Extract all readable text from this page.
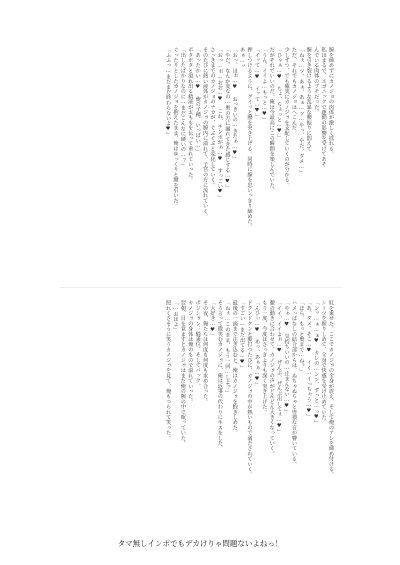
膣を締めずにカノジョの肉体が激しく揺れる。

私はまるで、エゴニックで運動の影響を受けてあそ

んでいる肉体のプチだった。

膣を引き裂けるような乱暴な腰振りに悶えて

「ねぇ…ツ、あぁ、あぁ…ツ…やっ、やだ、ダメ…」

ただ、それでもカノジョはへこんだ。

少しずつ、でも確実にカノジョを支配していくのが分かる。

「ひゃぁ…♥ ちょ、ちょっと…♥」

だがそれでいいのだ。俺は今最高にこの瞬間を楽しんでいた。

「うん、イイよ…もっと…♥」

「イッて…♥ イッて…♥」

押しつけるように、グイッと腰を突き上げる。同時に膣を思いっきり締めた。

あぁ…ッ

「おっ、ほぉ…♥ おっきいの…きたぁ…♥」

「やだ、なんか変なの…奥の方に漏れてきた感じする…♥」

「おっ…ぉ…おお…♥ これ、チンポがぁ…♥ すっごい♥」

さっきまでのカノジョのナカが、ぐぷぐぷと変化していく。

そのたびに熱い液体がカノジョの膣内に溢れて、子宮の方に流れていく。

「あったかい…♥ 俺の子種、いっぱい…」

ポタポタと溢れ出る精液が太ももを伝って垂れていった。

「出したばかりなのに…まだこんなに硬いの…？」

ぐったりとしたカノジョを抱えたまま、俺はゆっくりと腰を引いた。

「ふふっ…まだまだ終わらないよ♥」

紅を乗せた。ここでカノジョの全身が震え、そして俺のアレを締め付ける。

シーツを握りしめて、全身で快感を受け止めていた。

「ンッ…ぁ…ぁ♥ カレの…ンン、ずっと…っ♥」

「あ、ダメ、そこ…♥ イく…イっちゃう…♥」

「ほら、もっと奥まで…ね？」

ハメっぱなしの結合部からは、ぬちゃぬちゃと卑猥な音が響いている。

「やぁ…♥ 気持ちいいの…止まんない…♥」

「イイ、イイよぉ…♥ ぜんぶ、ぜんぶ出してぇ…♥」

腰の動きに合わせて、カノジョの声がどんどん大きくなっていく。

もう一度、今度はさっきよりも深く突き上げた。

「んひぃ…♥ あっ、あぁぁ…♥」

ドクンドクンと脈打つたびに、カノジョの中が熱いもので満たされていく。

「すごい…まだ出てる…♥」

最後の一滴まで注ぎ込むと、俺はカノジョを抱きしめた。

「ねぇ…このまま、もう一回…しよ？」

そう言って微笑むカノジョに、俺は返事の代わりにキスをした。

「大好き…♥」

その夜、俺たちは何度も何度も求め合った。

ポジション：騎乗位、そしてバック。

カノジョの身体は俺のもので溢れていった。

翌朝、目を覚ますとカノジョはまだ俺の腕の中で眠っていた。

「…おはよ」

照れくさそうに笑うカノジョを見て、俺もつられて笑った。

タマ無しインポでもデカけりゃ問題ないよねっ！
